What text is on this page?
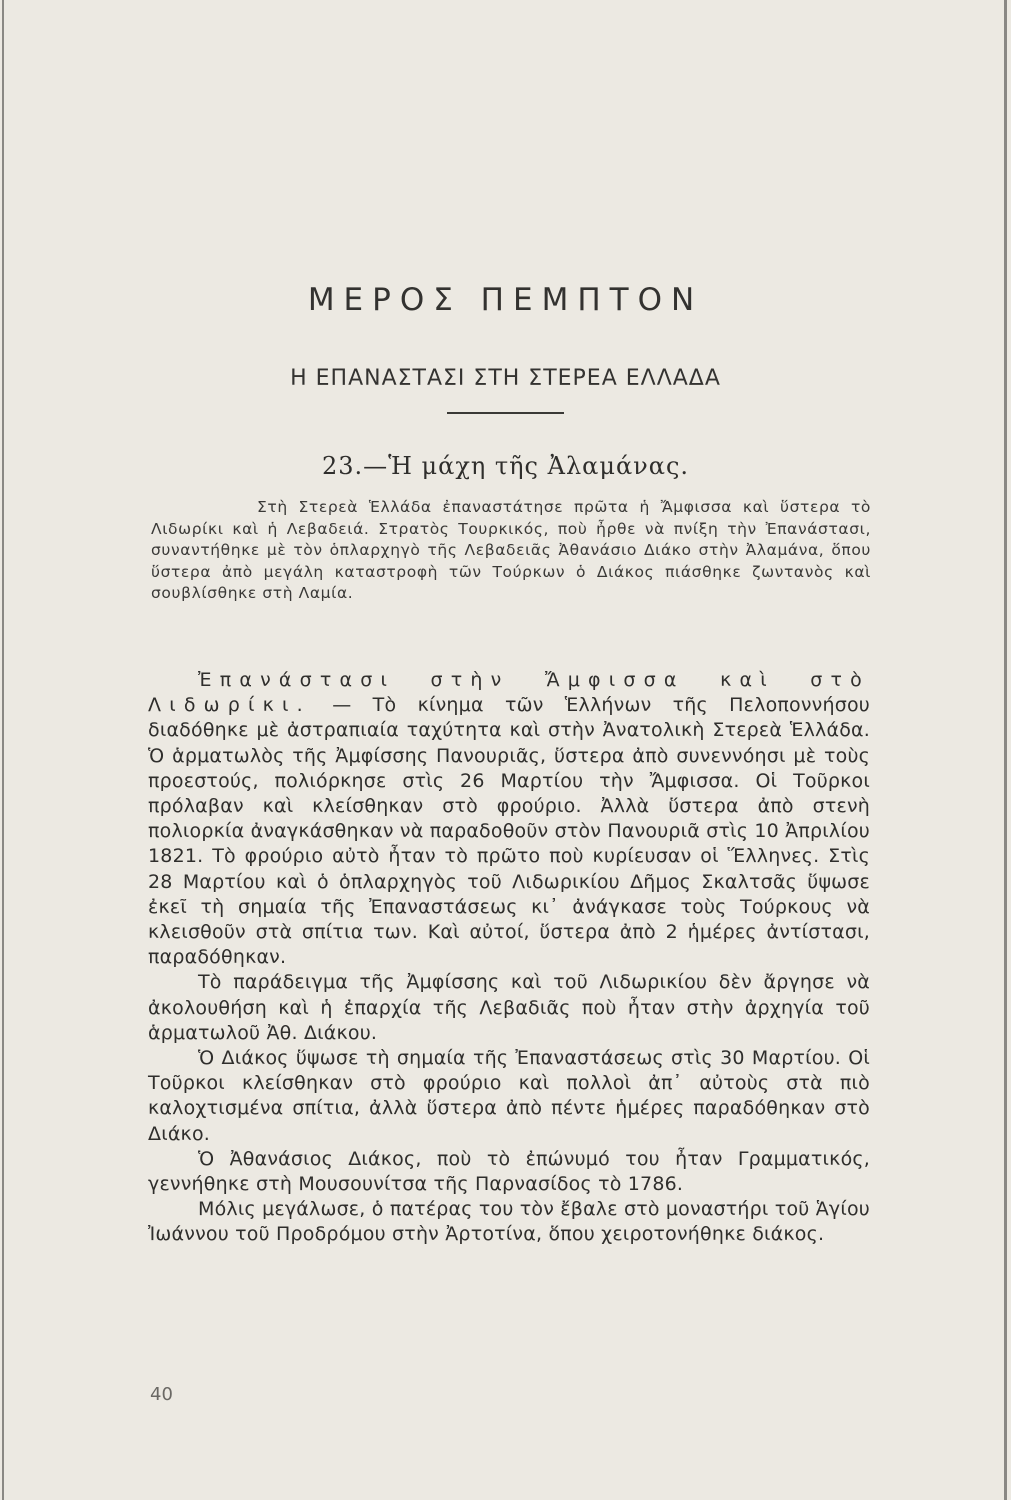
ΜΕΡΟΣ ΠΕΜΠΤΟΝ
Η ΕΠΑΝΑΣΤΑΣΙ ΣΤΗ ΣΤΕΡΕΑ ΕΛΛΑΔΑ
23.—Ἡ μάχη τῆς Ἀλαμάνας.

Στὴ Στερεὰ Ἑλλάδα ἐπαναστάτησε πρῶτα ἡ Ἄμφισσα καὶ ὕστερα τὸ Λιδωρίκι καὶ ἡ Λεβαδειά. Στρατὸς Τουρκικός, ποὺ ἦρθε νὰ πνίξη τὴν Ἐπανάστασι, συναντήθηκε μὲ τὸν ὁπλαρχηγὸ τῆς Λεβαδειᾶς Ἀθανάσιο Διάκο στὴν Ἀλαμάνα, ὅπου ὕστερα ἀπὸ μεγάλη καταστροφὴ τῶν Τούρκων ὁ Διάκος πιάσθηκε ζωντανὸς καὶ σουβλίσθηκε στὴ Λαμία.

Ἐπανάστασι στὴν Ἄμφισσα καὶ στὸ Λιδωρίκι. — Τὸ κίνημα τῶν Ἑλλήνων τῆς Πελοποννήσου διαδόθηκε μὲ ἀστραπιαία ταχύτητα καὶ στὴν Ἀνατολικὴ Στερεὰ Ἑλλάδα. Ὁ ἁρματωλὸς τῆς Ἀμφίσσης Πανουριᾶς, ὕστερα ἀπὸ συνεννόησι μὲ τοὺς προεστούς, πολιόρκησε στὶς 26 Μαρτίου τὴν Ἄμφισσα. Οἱ Τοῦρκοι πρόλαβαν καὶ κλείσθηκαν στὸ φρούριο. Ἀλλὰ ὕστερα ἀπὸ στενὴ πολιορκία ἀναγκάσθηκαν νὰ παραδοθοῦν στὸν Πανουριᾶ στὶς 10 Ἀπριλίου 1821. Τὸ φρούριο αὐτὸ ἦταν τὸ πρῶτο ποὺ κυρίευσαν οἱ Ἕλληνες. Στὶς 28 Μαρτίου καὶ ὁ ὁπλαρχηγὸς τοῦ Λιδωρικίου Δῆμος Σκαλτσᾶς ὕψωσε ἐκεῖ τὴ σημαία τῆς Ἐπαναστάσεως κι᾽ ἀνάγκασε τοὺς Τούρκους νὰ κλεισθοῦν στὰ σπίτια των. Καὶ αὐτοί, ὕστερα ἀπὸ 2 ἡμέρες ἀντίστασι, παραδόθηκαν.

Τὸ παράδειγμα τῆς Ἀμφίσσης καὶ τοῦ Λιδωρικίου δὲν ἄργησε νὰ ἀκολουθήση καὶ ἡ ἐπαρχία τῆς Λεβαδιᾶς ποὺ ἦταν στὴν ἀρχηγία τοῦ ἁρματωλοῦ Ἀθ. Διάκου.

Ὁ Διάκος ὕψωσε τὴ σημαία τῆς Ἐπαναστάσεως στὶς 30 Μαρτίου. Οἱ Τοῦρκοι κλείσθηκαν στὸ φρούριο καὶ πολλοὶ ἀπ᾽ αὐτοὺς στὰ πιὸ καλοχτισμένα σπίτια, ἀλλὰ ὕστερα ἀπὸ πέντε ἡμέρες παραδόθηκαν στὸ Διάκο.

Ὁ Ἀθανάσιος Διάκος, ποὺ τὸ ἐπώνυμό του ἦταν Γραμματικός, γεννήθηκε στὴ Μουσουνίτσα τῆς Παρνασίδος τὸ 1786.

Μόλις μεγάλωσε, ὁ πατέρας του τὸν ἔβαλε στὸ μοναστήρι τοῦ Ἁγίου Ἰωάννου τοῦ Προδρόμου στὴν Ἀρτοτίνα, ὅπου χειροτονήθηκε διάκος.

40
